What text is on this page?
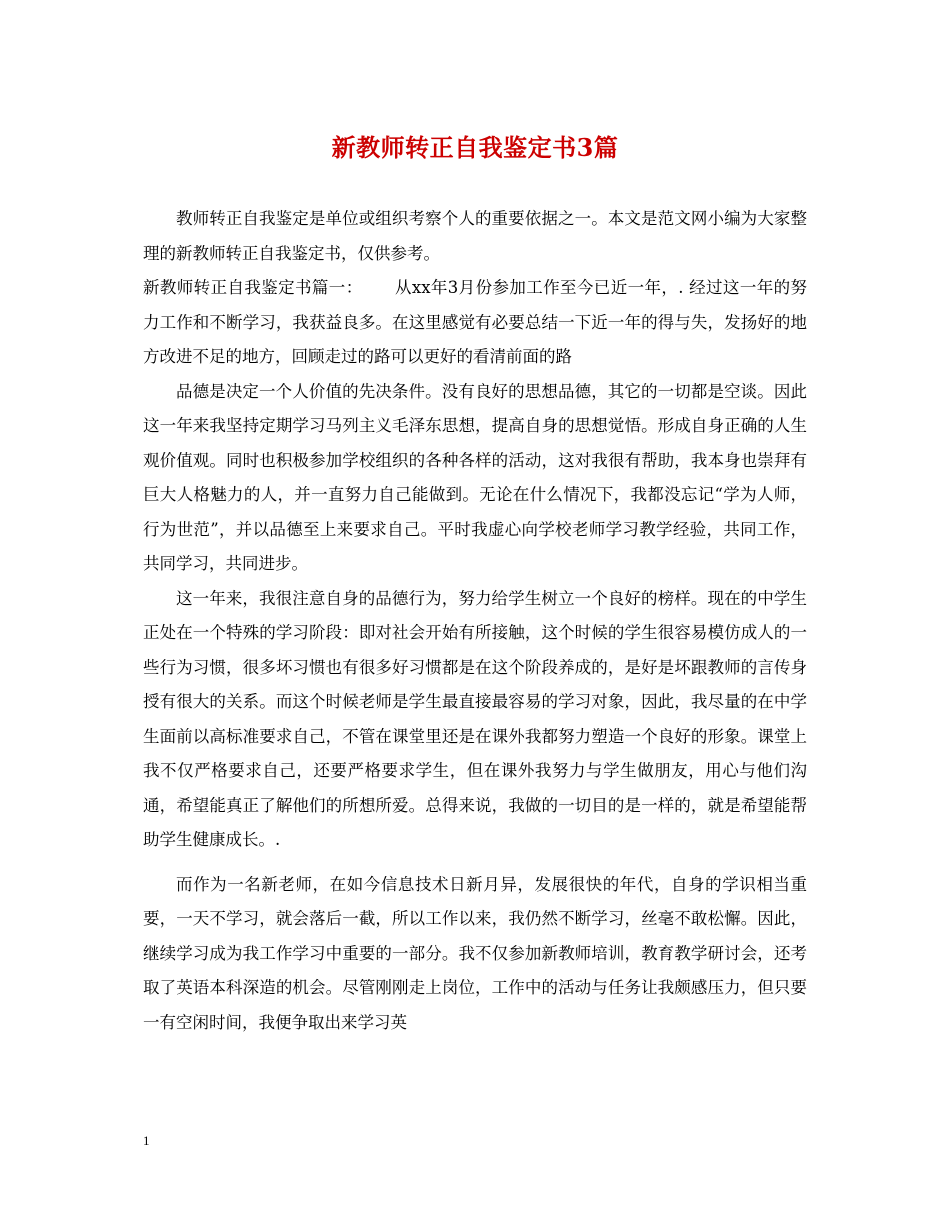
新教师转正自我鉴定书3篇

教师转正自我鉴定是单位或组织考察个人的重要依据之一。本文是范文网小编为大家整理的新教师转正自我鉴定书，仅供参考。

新教师转正自我鉴定书篇一： 从xx年3月份参加工作至今已近一年，. 经过这一年的努力工作和不断学习，我获益良多。在这里感觉有必要总结一下近一年的得与失，发扬好的地方改进不足的地方，回顾走过的路可以更好的看清前面的路

品德是决定一个人价值的先决条件。没有良好的思想品德，其它的一切都是空谈。因此这一年来我坚持定期学习马列主义毛泽东思想，提高自身的思想觉悟。形成自身正确的人生观价值观。同时也积极参加学校组织的各种各样的活动，这对我很有帮助，我本身也崇拜有巨大人格魅力的人，并一直努力自己能做到。无论在什么情况下，我都没忘记“学为人师，行为世范”，并以品德至上来要求自己。平时我虚心向学校老师学习教学经验，共同工作，共同学习，共同进步。

这一年来，我很注意自身的品德行为，努力给学生树立一个良好的榜样。现在的中学生正处在一个特殊的学习阶段：即对社会开始有所接触，这个时候的学生很容易模仿成人的一些行为习惯，很多坏习惯也有很多好习惯都是在这个阶段养成的，是好是坏跟教师的言传身授有很大的关系。而这个时候老师是学生最直接最容易的学习对象，因此，我尽量的在中学生面前以高标准要求自己，不管在课堂里还是在课外我都努力塑造一个良好的形象。课堂上我不仅严格要求自己，还要严格要求学生，但在课外我努力与学生做朋友，用心与他们沟通，希望能真正了解他们的所想所爱。总得来说，我做的一切目的是一样的，就是希望能帮助学生健康成长。.

而作为一名新老师，在如今信息技术日新月异，发展很快的年代，自身的学识相当重要，一天不学习，就会落后一截，所以工作以来，我仍然不断学习，丝毫不敢松懈。因此，继续学习成为我工作学习中重要的一部分。我不仅参加新教师培训，教育教学研讨会，还考取了英语本科深造的机会。尽管刚刚走上岗位，工作中的活动与任务让我颇感压力，但只要一有空闲时间，我便争取出来学习英

1
